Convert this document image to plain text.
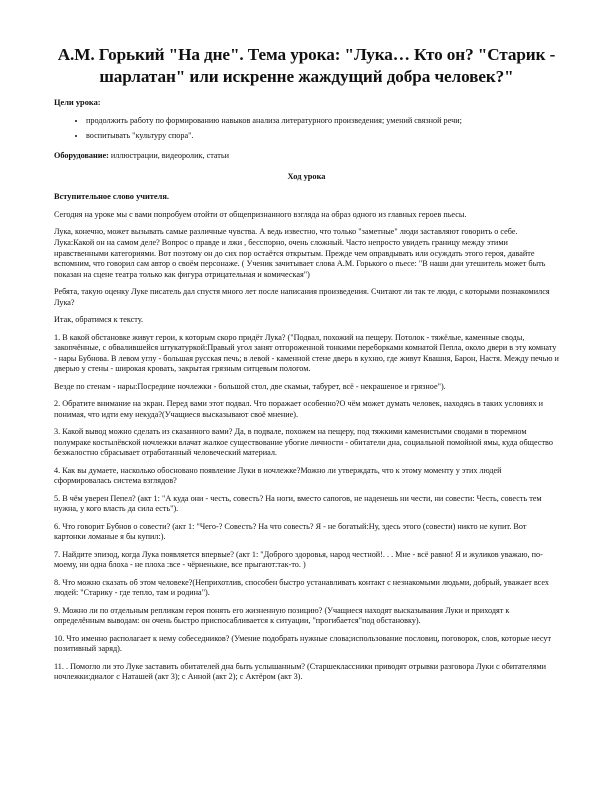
А.М. Горький "На дне". Тема урока: "Лука… Кто он? "Старик - шарлатан" или искренне жаждущий добра человек?"
Цели урока:
• продолжить работу по формированию навыков анализа литературного произведения; умений связной речи;
• воспитывать "культуру спора".
Оборудование: иллюстрации, видеоролик, статьи
Ход урока
Вступительное слово учителя.

Сегодня на уроке мы с вами попробуем отойти от общепризнанного взгляда на образ одного из главных героев пьесы.

Лука, конечно, может вызывать самые различные чувства. А ведь известно, что только "заметные" люди заставляют говорить о себе. Лука:Какой он на самом деле? Вопрос о правде и лжи , бесспорно, очень сложный. Часто непросто увидеть границу между этими нравственными категориями. Вот поэтому он до сих пор остаётся открытым. Прежде чем оправдывать или осуждать этого героя, давайте вспомним, что говорил сам автор о своём персонаже. ( Ученик зачитывает слова А.М. Горького о пьесе: "В наши дни утешитель может быть показан на сцене театра только как фигура отрицательная и комическая")

Ребята, такую оценку Луке писатель дал спустя много лет после написания произведения. Считают ли так те люди, с которыми познакомился Лука?

Итак, обратимся к тексту.

1. В какой обстановке живут герои, к которым скоро придёт Лука? ("Подвал, похожий на пещеру. Потолок - тяжёлые, каменные своды, закопчённые, с обвалившейся штукатуркой:Правый угол занят отгороженной тонкими переборками комнатой Пепла, около двери в эту комнату - нары Бубнова. В левом углу - большая русская печь; в левой - каменной стене дверь в кухню, где живут Квашня, Барон, Настя. Между печью и дверью у стены - широкая кровать, закрытая грязным ситцевым пологом.

Везде по стенам - нары:Посредине ночлежки - большой стол, две скамьи, табурет, всё - некрашеное и грязное").

2. Обратите внимание на экран. Перед вами этот подвал. Что поражает особенно?О чём может думать человек, находясь в таких условиях и понимая, что идти ему некуда?(Учащиеся высказывают своё мнение).

3. Какой вывод можно сделать из сказанного вами? Да, в подвале, похожем на пещеру, под тяжкими каменистыми сводами в тюремном полумраке костылёвской ночлежки влачат жалкое существование убогие личности - обитатели дна, социальной помойной ямы, куда общество безжалостно сбрасывает отработанный человеческий материал.

4. Как вы думаете, насколько обосновано появление Луки в ночлежке?Можно ли утверждать, что к этому моменту у этих людей сформировалась система взглядов?

5. В чём уверен Пепел? (акт 1: "А куда они - честь, совесть? На ноги, вместо сапогов, не наденешь ни чести, ни совести: Честь, совесть тем нужна, у кого власть да сила есть").

6. Что говорит Бубнов о совести? (акт 1: "Чего-? Совесть? На что совесть? Я - не богатый:Ну, здесь этого (совести) никто не купит. Вот картонки ломаные я бы купил:).

7. Найдите эпизод, когда Лука появляется впервые? (акт 1: "Доброго здоровья, народ честной!. . . Мне - всё равно! Я и жуликов уважаю, по-моему, ни одна блоха - не плоха :все - чёрненькие, все прыгают:так-то. )

8. Что можно сказать об этом человеке?(Неприхотлив, способен быстро устанавливать контакт с незнакомыми людьми, добрый, уважает всех людей: "Старику - где тепло, там и родина").

9. Можно ли по отдельным репликам героя понять его жизненную позицию? (Учащиеся находят высказывания Луки и приходят к определённым выводам: он очень быстро приспосабливается к ситуации, "прогибается"под обстановку).

10. Что именно располагает к нему собеседников? (Умение подобрать нужные слова;использование пословиц, поговорок, слов, которые несут позитивный заряд).

11. . Помогло ли это Луке заставить обитателей дна быть услышанным? (Старшеклассники приводят отрывки разговора Луки с обитателями ночлежки:диалог с Наташей (акт 3); с Анной (акт 2); с Актёром (акт 3).
